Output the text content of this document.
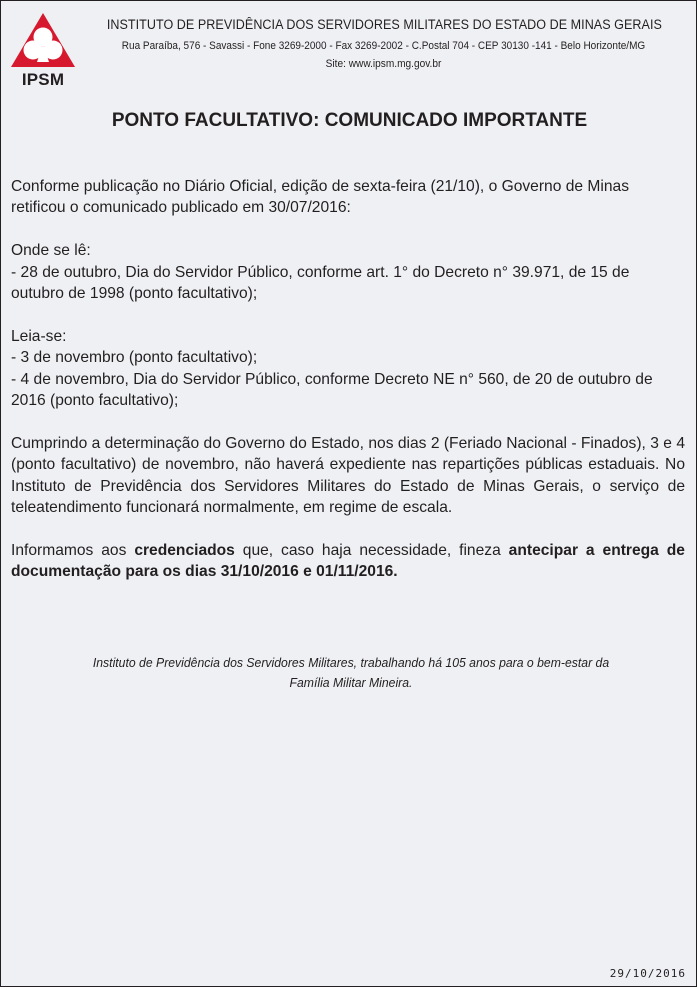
IPSM
INSTITUTO DE PREVIDÊNCIA DOS SERVIDORES MILITARES DO ESTADO DE MINAS GERAIS
Rua Paraíba, 576 - Savassi - Fone 3269-2000 - Fax 3269-2002 - C.Postal 704 - CEP 30130 -141 - Belo Horizonte/MG
Site: www.ipsm.mg.gov.br
PONTO FACULTATIVO: COMUNICADO IMPORTANTE

Conforme publicação no Diário Oficial, edição de sexta-feira (21/10), o Governo de Minas retificou o comunicado publicado em 30/07/2016:

Onde se lê:
- 28 de outubro, Dia do Servidor Público, conforme art. 1° do Decreto n° 39.971, de 15 de outubro de 1998 (ponto facultativo);

Leia-se:
- 3 de novembro (ponto facultativo);
- 4 de novembro, Dia do Servidor Público, conforme Decreto NE n° 560, de 20 de outubro de 2016 (ponto facultativo);

Cumprindo a determinação do Governo do Estado, nos dias 2 (Feriado Nacional - Finados), 3 e 4 (ponto facultativo) de novembro, não haverá expediente nas repartições públicas estaduais. No Instituto de Previdência dos Servidores Militares do Estado de Minas Gerais, o serviço de teleatendimento funcionará normalmente, em regime de escala.

Informamos aos credenciados que, caso haja necessidade, fineza antecipar a entrega de documentação para os dias 31/10/2016 e 01/11/2016.

Instituto de Previdência dos Servidores Militares, trabalhando há 105 anos para o bem-estar da
Família Militar Mineira.
29/10/2016
